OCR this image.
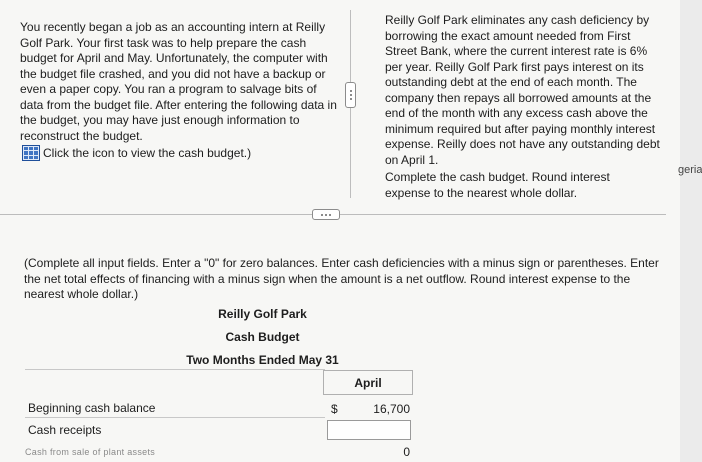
You recently began a job as an accounting intern at Reilly Golf Park. Your first task was to help prepare the cash budget for April and May. Unfortunately, the computer with the budget file crashed, and you did not have a backup or even a paper copy. You ran a program to salvage bits of data from the budget file. After entering the following data in the budget, you may have just enough information to reconstruct the budget.
Click the icon to view the cash budget.)
Reilly Golf Park eliminates any cash deficiency by borrowing the exact amount needed from First Street Bank, where the current interest rate is 6% per year. Reilly Golf Park first pays interest on its outstanding debt at the end of each month. The company then repays all borrowed amounts at the end of the month with any excess cash above the minimum required but after paying monthly interest expense. Reilly does not have any outstanding debt on April 1.
Complete the cash budget. Round interest expense to the nearest whole dollar.
(Complete all input fields. Enter a "0" for zero balances. Enter cash deficiencies with a minus sign or parentheses. Enter the net total effects of financing with a minus sign when the amount is a net outflow. Round interest expense to the nearest whole dollar.)
Reilly Golf Park
Cash Budget
Two Months Ended May 31
April
Beginning cash balance	$	16,700
Cash receipts
0
Cash from sale of plant assets
geria
